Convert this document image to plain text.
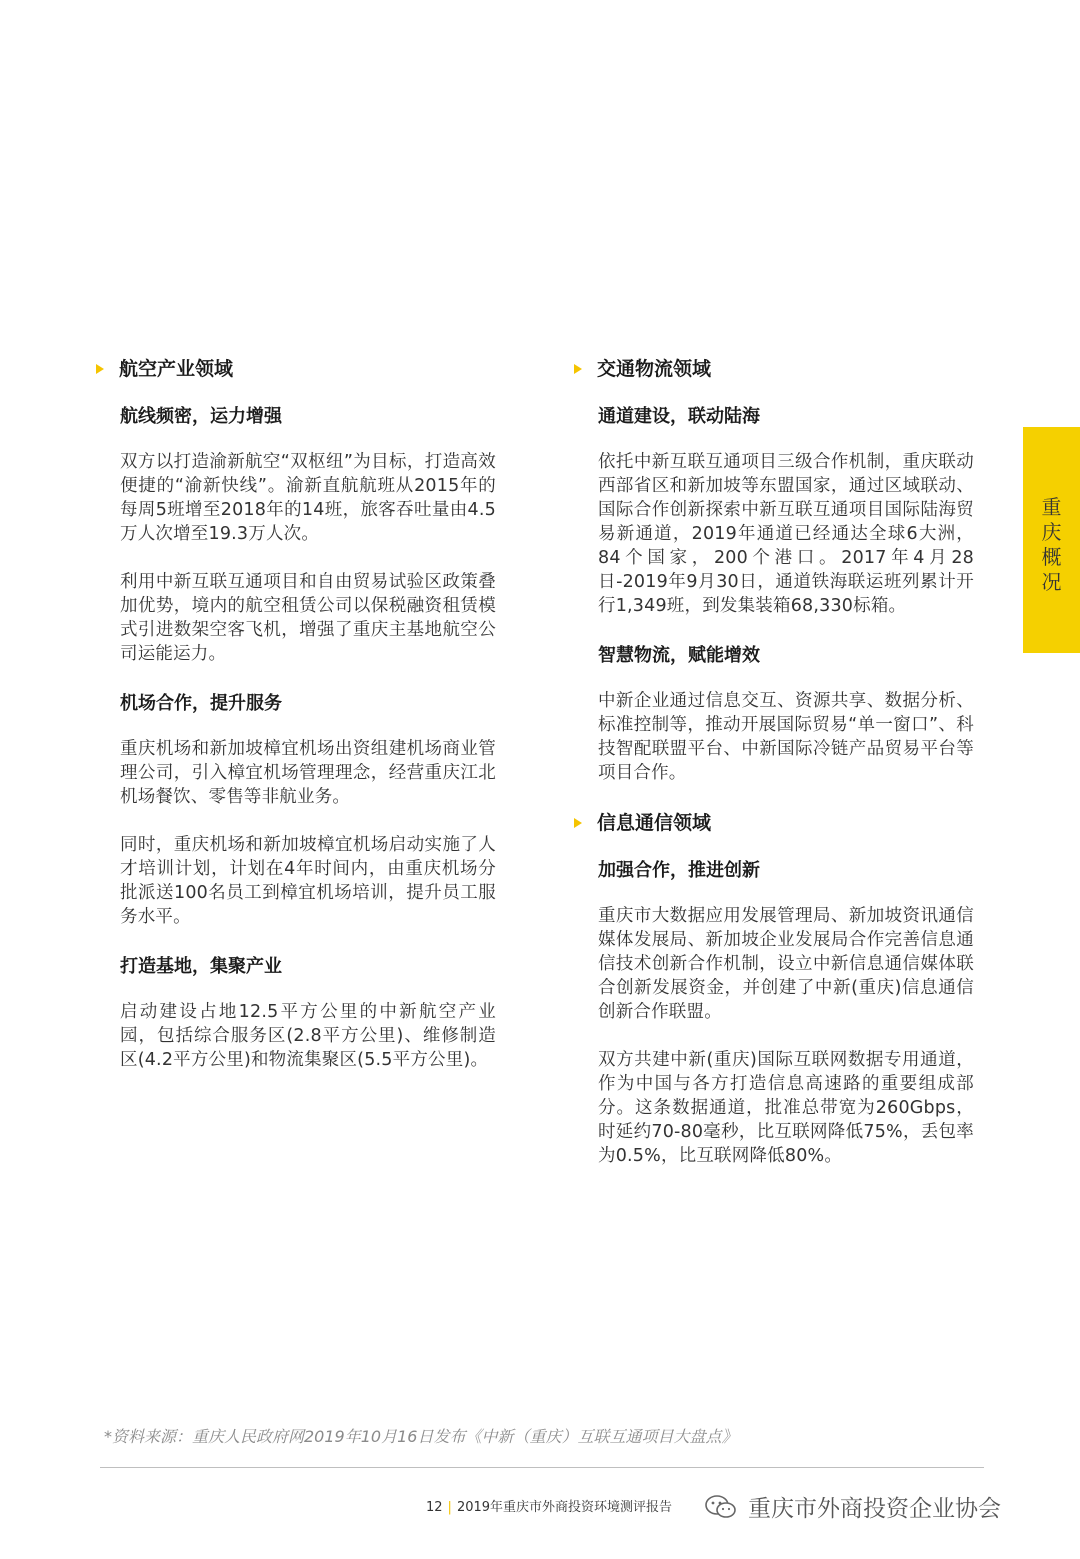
航空产业领域
航线频密，运力增强

双方以打造渝新航空“双枢纽”为目标，打造高效便捷的“渝新快线”。渝新直航航班从2015年的每周5班增至2018年的14班，旅客吞吐量由4.5万人次增至19.3万人次。

利用中新互联互通项目和自由贸易试验区政策叠加优势，境内的航空租赁公司以保税融资租赁模式引进数架空客飞机，增强了重庆主基地航空公司运能运力。

机场合作，提升服务

重庆机场和新加坡樟宜机场出资组建机场商业管理公司，引入樟宜机场管理理念，经营重庆江北机场餐饮、零售等非航业务。

同时，重庆机场和新加坡樟宜机场启动实施了人才培训计划，计划在4年时间内，由重庆机场分批派送100名员工到樟宜机场培训，提升员工服务水平。

打造基地，集聚产业

启动建设占地12.5平方公里的中新航空产业园，包括综合服务区(2.8平方公里)、维修制造区(4.2平方公里)和物流集聚区(5.5平方公里)。

交通物流领域
通道建设，联动陆海

依托中新互联互通项目三级合作机制，重庆联动西部省区和新加坡等东盟国家，通过区域联动、国际合作创新探索中新互联互通项目国际陆海贸易新通道，2019年通道已经通达全球6大洲，84个国家，200个港口。2017年4月28日-2019年9月30日，通道铁海联运班列累计开行1,349班，到发集装箱68,330标箱。

智慧物流，赋能增效

中新企业通过信息交互、资源共享、数据分析、标准控制等，推动开展国际贸易“单一窗口”、科技智配联盟平台、中新国际冷链产品贸易平台等项目合作。

信息通信领域
加强合作，推进创新

重庆市大数据应用发展管理局、新加坡资讯通信媒体发展局、新加坡企业发展局合作完善信息通信技术创新合作机制，设立中新信息通信媒体联合创新发展资金，并创建了中新(重庆)信息通信创新合作联盟。

双方共建中新(重庆)国际互联网数据专用通道，作为中国与各方打造信息高速路的重要组成部分。这条数据通道，批准总带宽为260Gbps，时延约70-80毫秒，比互联网降低75%，丢包率为0.5%，比互联网降低80%。

重
庆
概
况
*资料来源：重庆人民政府网2019年10月16日发布《中新（重庆）互联互通项目大盘点》
12 | 2019年重庆市外商投资环境测评报告	重庆市外商投资企业协会
